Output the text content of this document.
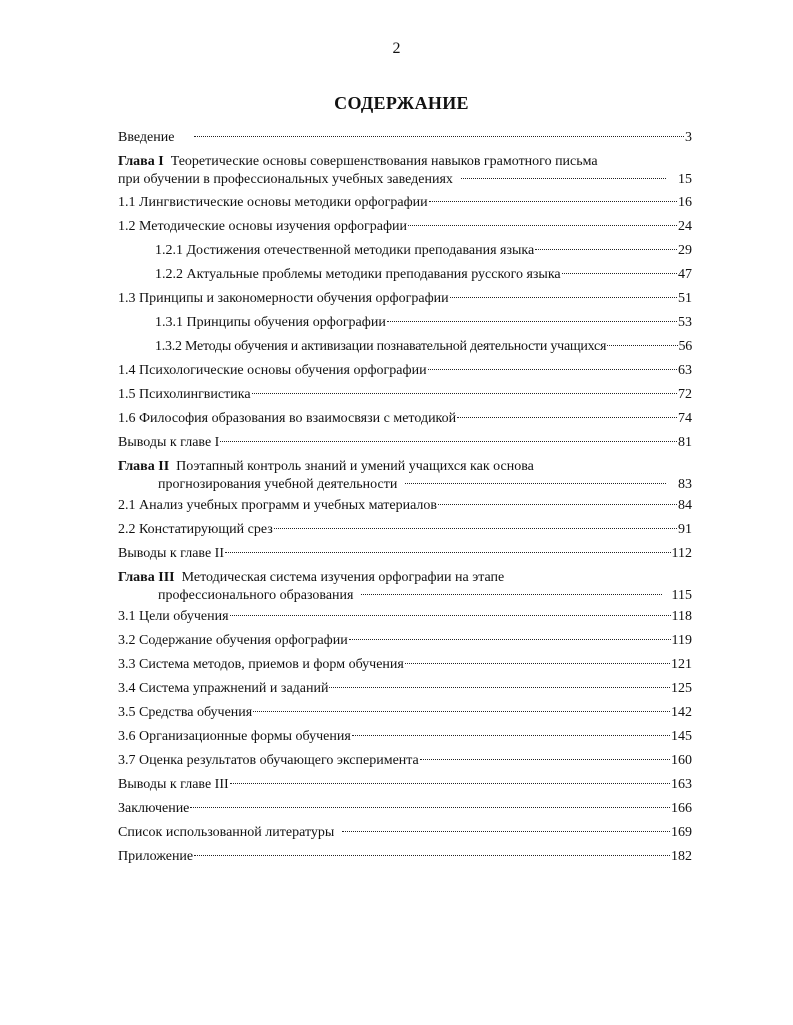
2
СОДЕРЖАНИЕ
Введение	3
Глава I Теоретические основы совершенствования навыков грамотного письма
при обучении в профессиональных учебных заведениях	15
1.1 Лингвистические основы методики орфографии	16
1.2 Методические основы изучения орфографии	24
1.2.1 Достижения отечественной методики преподавания языка	29
1.2.2 Актуальные проблемы методики преподавания русского языка	47
1.3 Принципы и закономерности обучения орфографии	51
1.3.1 Принципы обучения орфографии	53
1.3.2 Методы обучения и активизации познавательной деятельности учащихся	56
1.4 Психологические основы обучения орфографии	63
1.5 Психолингвистика	72
1.6 Философия образования во взаимосвязи с методикой	74
Выводы к главе I	81
Глава II Поэтапный контроль знаний и умений учащихся как основа
прогнозирования учебной деятельности	83
2.1 Анализ учебных программ и учебных материалов	84
2.2 Констатирующий срез	91
Выводы к главе II	112
Глава III Методическая система изучения орфографии на этапе
профессионального образования	115
3.1 Цели обучения	118
3.2 Содержание обучения орфографии	119
3.3 Система методов, приемов и форм обучения	121
3.4 Система упражнений и заданий	125
3.5 Средства обучения	142
3.6 Организационные формы обучения	145
3.7 Оценка результатов обучающего эксперимента	160
Выводы к главе III	163
Заключение	166
Список использованной литературы	169
Приложение	182
